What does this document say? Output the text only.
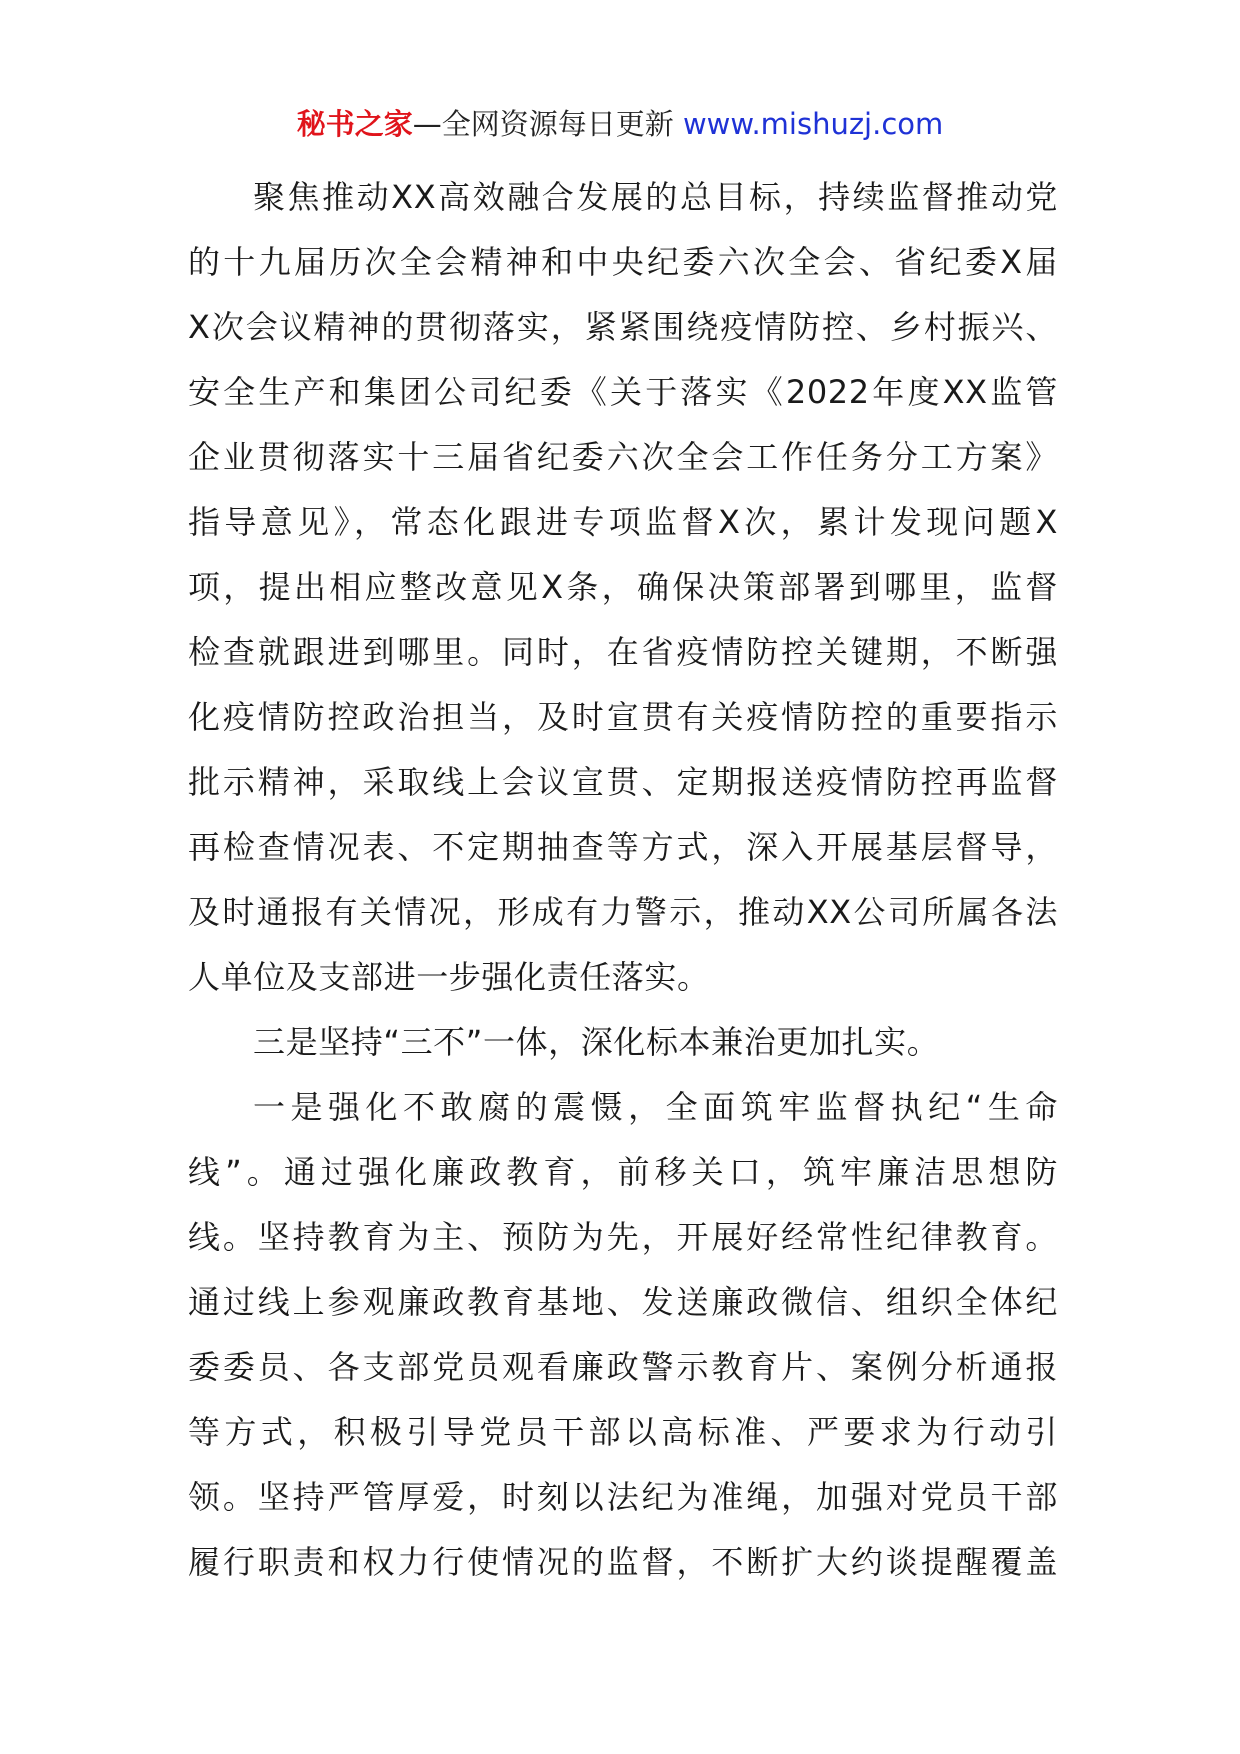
秘书之家—全网资源每日更新 www.mishuzj.com
聚焦推动XX高效融合发展的总目标，持续监督推动党
的十九届历次全会精神和中央纪委六次全会、省纪委X届
X次会议精神的贯彻落实，紧紧围绕疫情防控、乡村振兴、
安全生产和集团公司纪委《关于落实《2022年度XX监管
企业贯彻落实十三届省纪委六次全会工作任务分工方案》
指导意见》，常态化跟进专项监督X次，累计发现问题X
项，提出相应整改意见X条，确保决策部署到哪里，监督
检查就跟进到哪里。同时，在省疫情防控关键期，不断强
化疫情防控政治担当，及时宣贯有关疫情防控的重要指示
批示精神，采取线上会议宣贯、定期报送疫情防控再监督
再检查情况表、不定期抽查等方式，深入开展基层督导，
及时通报有关情况，形成有力警示，推动XX公司所属各法
人单位及支部进一步强化责任落实。
三是坚持“三不”一体，深化标本兼治更加扎实。
一是强化不敢腐的震慑，全面筑牢监督执纪“生命
线”。通过强化廉政教育，前移关口，筑牢廉洁思想防
线。坚持教育为主、预防为先，开展好经常性纪律教育。
通过线上参观廉政教育基地、发送廉政微信、组织全体纪
委委员、各支部党员观看廉政警示教育片、案例分析通报
等方式，积极引导党员干部以高标准、严要求为行动引
领。坚持严管厚爱，时刻以法纪为准绳，加强对党员干部
履行职责和权力行使情况的监督，不断扩大约谈提醒覆盖
